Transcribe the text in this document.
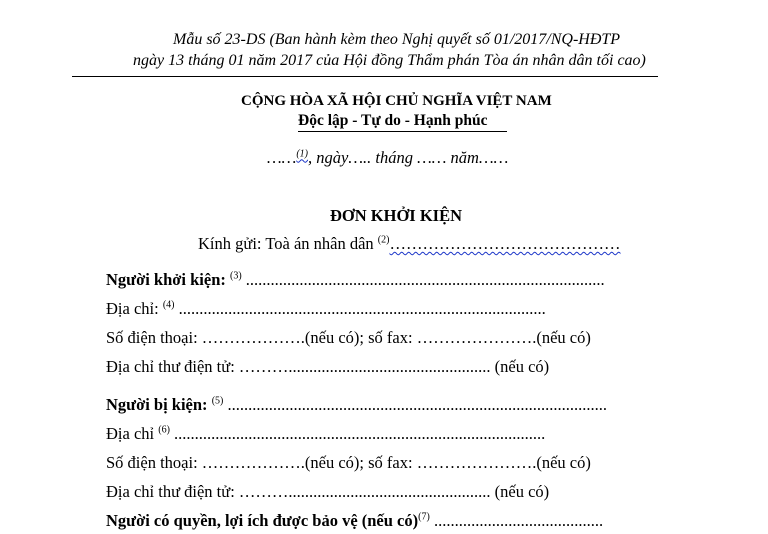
Mẫu số 23-DS (Ban hành kèm theo Nghị quyết số 01/2017/NQ-HĐTP
ngày 13 tháng 01 năm 2017 của Hội đồng Thẩm phán Tòa án nhân dân tối cao)
CỘNG HÒA XÃ HỘI CHỦ NGHĨA VIỆT NAM
Độc lập - Tự do - Hạnh phúc
……$^{(1)}$, ngày….. tháng …… năm……
ĐƠN KHỞI KIỆN
Kính gửi: Toà án nhân dân $^{(2)}$……………………………………
Người khởi kiện: $^{(3)}$ .......................................................................................
Địa chỉ: $^{(4)}$ .........................................................................................
Số điện thoại: ……………….(nếu có); số fax: ………………….(nếu có)
Địa chỉ thư điện tử: ………................................................. (nếu có)
Người bị kiện: $^{(5)}$ ............................................................................................
Địa chỉ $^{(6)}$ ..........................................................................................
Số điện thoại: ……………….(nếu có); số fax: ………………….(nếu có)
Địa chỉ thư điện tử: ………................................................. (nếu có)
Người có quyền, lợi ích được bảo vệ (nếu có)$^{(7)}$ .........................................
